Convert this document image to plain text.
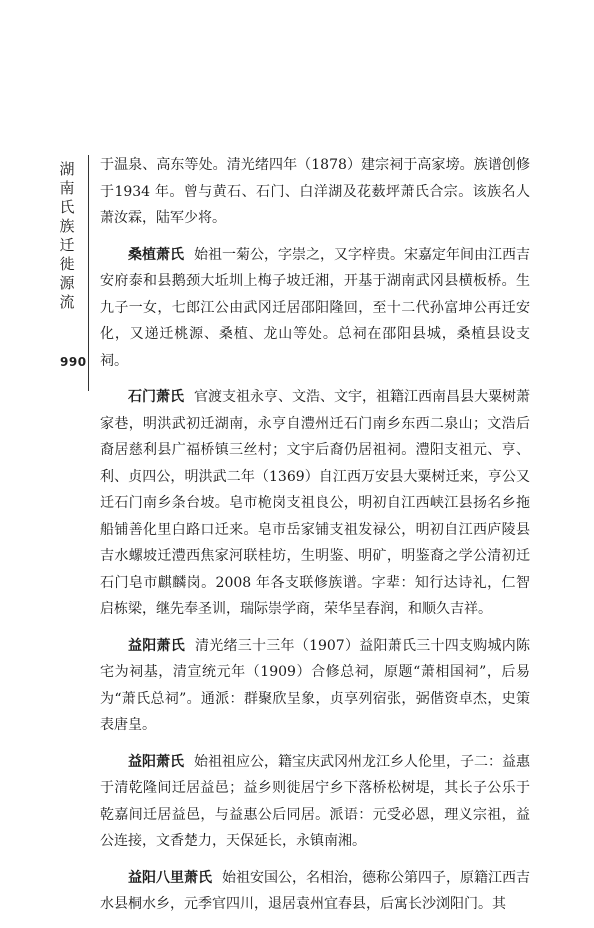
湖
南
氏
族
迁
徙
源
流
990

于温泉、高东等处。清光绪四年（1878）建宗祠于高家塝。族谱创修于1934 年。曾与黄石、石门、白洋湖及花薮坪萧氏合宗。该族名人萧汝霖，陆军少将。

桑植萧氏 始祖一菊公，字崇之，又字梓贵。宋嘉定年间由江西吉安府泰和县鹅颈大坵圳上梅子坡迁湘，开基于湖南武冈县横板桥。生九子一女，七郎江公由武冈迁居邵阳隆回，至十二代孙富坤公再迁安化，又递迁桃源、桑植、龙山等处。总祠在邵阳县城，桑植县设支祠。

石门萧氏 官渡支祖永亨、文浩、文宇，祖籍江西南昌县大粟树萧家巷，明洪武初迁湖南，永亨自澧州迁石门南乡东西二泉山；文浩后裔居慈利县广福桥镇三丝村；文宇后裔仍居祖祠。澧阳支祖元、亨、利、贞四公，明洪武二年（1369）自江西万安县大粟树迁来，亨公又迁石门南乡条台坡。皂市桅岗支祖良公，明初自江西峡江县扬名乡拖船铺善化里白路口迁来。皂市岳家铺支祖发禄公，明初自江西庐陵县吉水螺坡迁澧西焦家河联桂坊，生明鉴、明矿，明鉴裔之学公清初迁石门皂市麒麟岗。2008 年各支联修族谱。字辈：知行达诗礼，仁智启栋梁，继先奉圣训，瑞际崇学商，荣华呈春润，和顺久吉祥。

益阳萧氏 清光绪三十三年（1907）益阳萧氏三十四支购城内陈宅为祠基，清宣统元年（1909）合修总祠，原题“萧相国祠”，后易为“萧氏总祠”。通派：群聚欣呈象，贞享列宿张，弼偕资卓杰，史策表唐皇。

益阳萧氏 始祖祖应公，籍宝庆武冈州龙江乡人伦里，子二：益惠于清乾隆间迁居益邑；益乡则徙居宁乡下落桥松树堤，其长子公乐于乾嘉间迁居益邑，与益惠公后同居。派语：元受必恩，理义宗祖，益公连接，文香楚力，天保延长，永镇南湘。

益阳八里萧氏 始祖安国公，名相治，德称公第四子，原籍江西吉水县桐水乡，元季官四川，退居袁州宜春县，后寓长沙浏阳门。其
